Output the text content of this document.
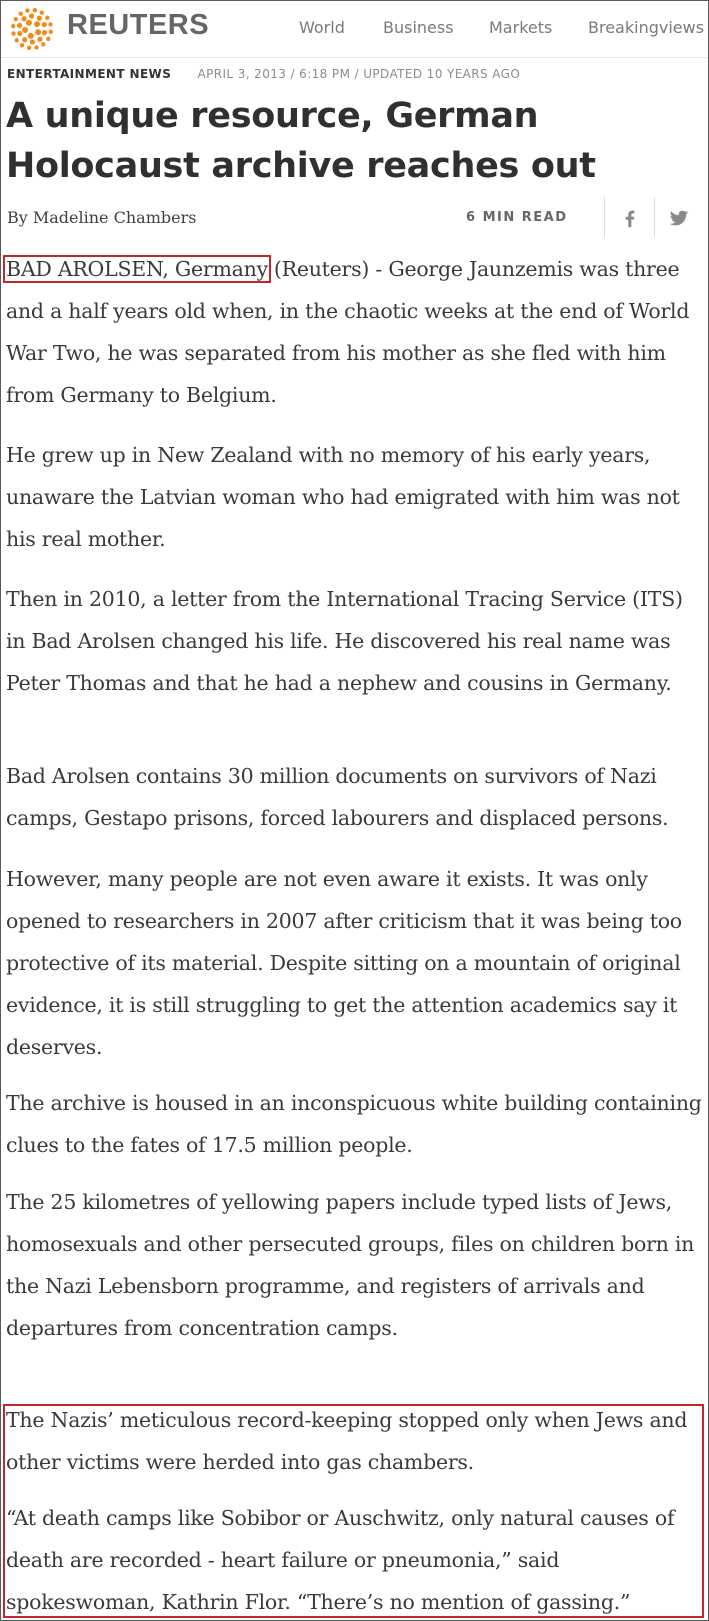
REUTERS	World Business Markets Breakingviews
ENTERTAINMENT NEWS APRIL 3, 2013 / 6:18 PM / UPDATED 10 YEARS AGO
A unique resource, German Holocaust archive reaches out
By Madeline Chambers	6 MIN READ

BAD AROLSEN, Germany (Reuters) - George Jaunzemis was three and a half years old when, in the chaotic weeks at the end of World War Two, he was separated from his mother as she fled with him from Germany to Belgium.

He grew up in New Zealand with no memory of his early years, unaware the Latvian woman who had emigrated with him was not his real mother.

Then in 2010, a letter from the International Tracing Service (ITS) in Bad Arolsen changed his life. He discovered his real name was Peter Thomas and that he had a nephew and cousins in Germany.

Bad Arolsen contains 30 million documents on survivors of Nazi camps, Gestapo prisons, forced labourers and displaced persons.

However, many people are not even aware it exists. It was only opened to researchers in 2007 after criticism that it was being too protective of its material. Despite sitting on a mountain of original evidence, it is still struggling to get the attention academics say it deserves.

The archive is housed in an inconspicuous white building containing clues to the fates of 17.5 million people.

The 25 kilometres of yellowing papers include typed lists of Jews, homosexuals and other persecuted groups, files on children born in the Nazi Lebensborn programme, and registers of arrivals and departures from concentration camps.

The Nazis’ meticulous record-keeping stopped only when Jews and other victims were herded into gas chambers.

“At death camps like Sobibor or Auschwitz, only natural causes of death are recorded - heart failure or pneumonia,” said spokeswoman, Kathrin Flor. “There’s no mention of gassing.”
